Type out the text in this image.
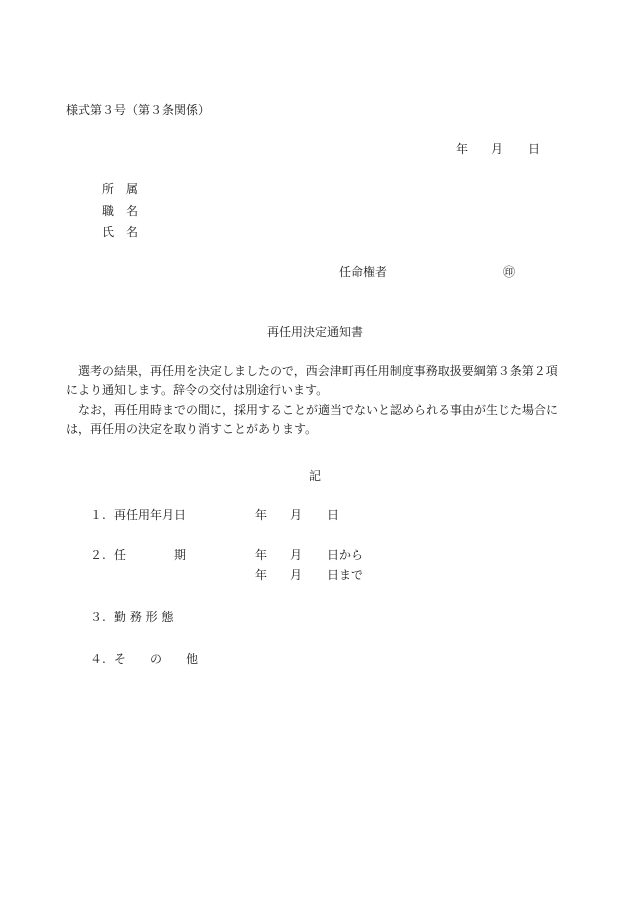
様式第３号（第３条関係）
年 月 日
所　属
職　名
氏　名
任命権者	㊞
再任用決定通知書
　選考の結果，再任用を決定しましたので，西会津町再任用制度事務取扱要綱第３条第２項により通知します。辞令の交付は別途行います。
　なお，再任用時までの間に，採用することが適当でないと認められる事由が生じた場合には，再任用の決定を取り消すことがあります。
記
１. 再任用年月日	年 月 日
２. 任　　　　期	年 月 日から
年 月 日まで
３. 勤 務 形 態
４. そ　　の　　他
